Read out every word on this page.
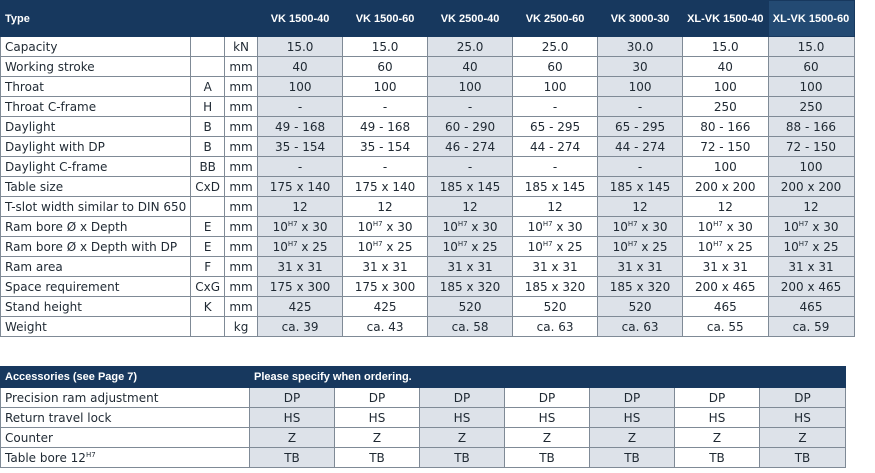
Type			VK 1500-40	VK 1500-60	VK 2500-40	VK 2500-60	VK 3000-30	XL-VK 1500-40	XL-VK 1500-60
Capacity		kN	15.0	15.0	25.0	25.0	30.0	15.0	15.0
Working stroke		mm	40	60	40	60	30	40	60
Throat	A	mm	100	100	100	100	100	100	100
Throat C-frame	H	mm	-	-	-	-	-	250	250
Daylight	B	mm	49 - 168	49 - 168	60 - 290	65 - 295	65 - 295	80 - 166	88 - 166
Daylight with DP	B	mm	35 - 154	35 - 154	46 - 274	44 - 274	44 - 274	72 - 150	72 - 150
Daylight C-frame	BB	mm	-	-	-	-	-	100	100
Table size	CxD	mm	175 x 140	175 x 140	185 x 145	185 x 145	185 x 145	200 x 200	200 x 200
T-slot width similar to DIN 650		mm	12	12	12	12	12	12	12
Ram bore Ø x Depth	E	mm	$10^{H7}$ x 30	$10^{H7}$ x 30	$10^{H7}$ x 30	$10^{H7}$ x 30	$10^{H7}$ x 30	$10^{H7}$ x 30	$10^{H7}$ x 30
Ram bore Ø x Depth with DP	E	mm	$10^{H7}$ x 25	$10^{H7}$ x 25	$10^{H7}$ x 25	$10^{H7}$ x 25	$10^{H7}$ x 25	$10^{H7}$ x 25	$10^{H7}$ x 25
Ram area	F	mm	31 x 31	31 x 31	31 x 31	31 x 31	31 x 31	31 x 31	31 x 31
Space requirement	CxG	mm	175 x 300	175 x 300	185 x 320	185 x 320	185 x 320	200 x 465	200 x 465
Stand height	K	mm	425	425	520	520	520	465	465
Weight		kg	ca. 39	ca. 43	ca. 58	ca. 63	ca. 63	ca. 55	ca. 59
Accessories (see Page 7)	Please specify when ordering.						
Precision ram adjustment	DP	DP	DP	DP	DP	DP	DP
Return travel lock	HS	HS	HS	HS	HS	HS	HS
Counter	Z	Z	Z	Z	Z	Z	Z
Table bore $12^{H7}$	TB	TB	TB	TB	TB	TB	TB
